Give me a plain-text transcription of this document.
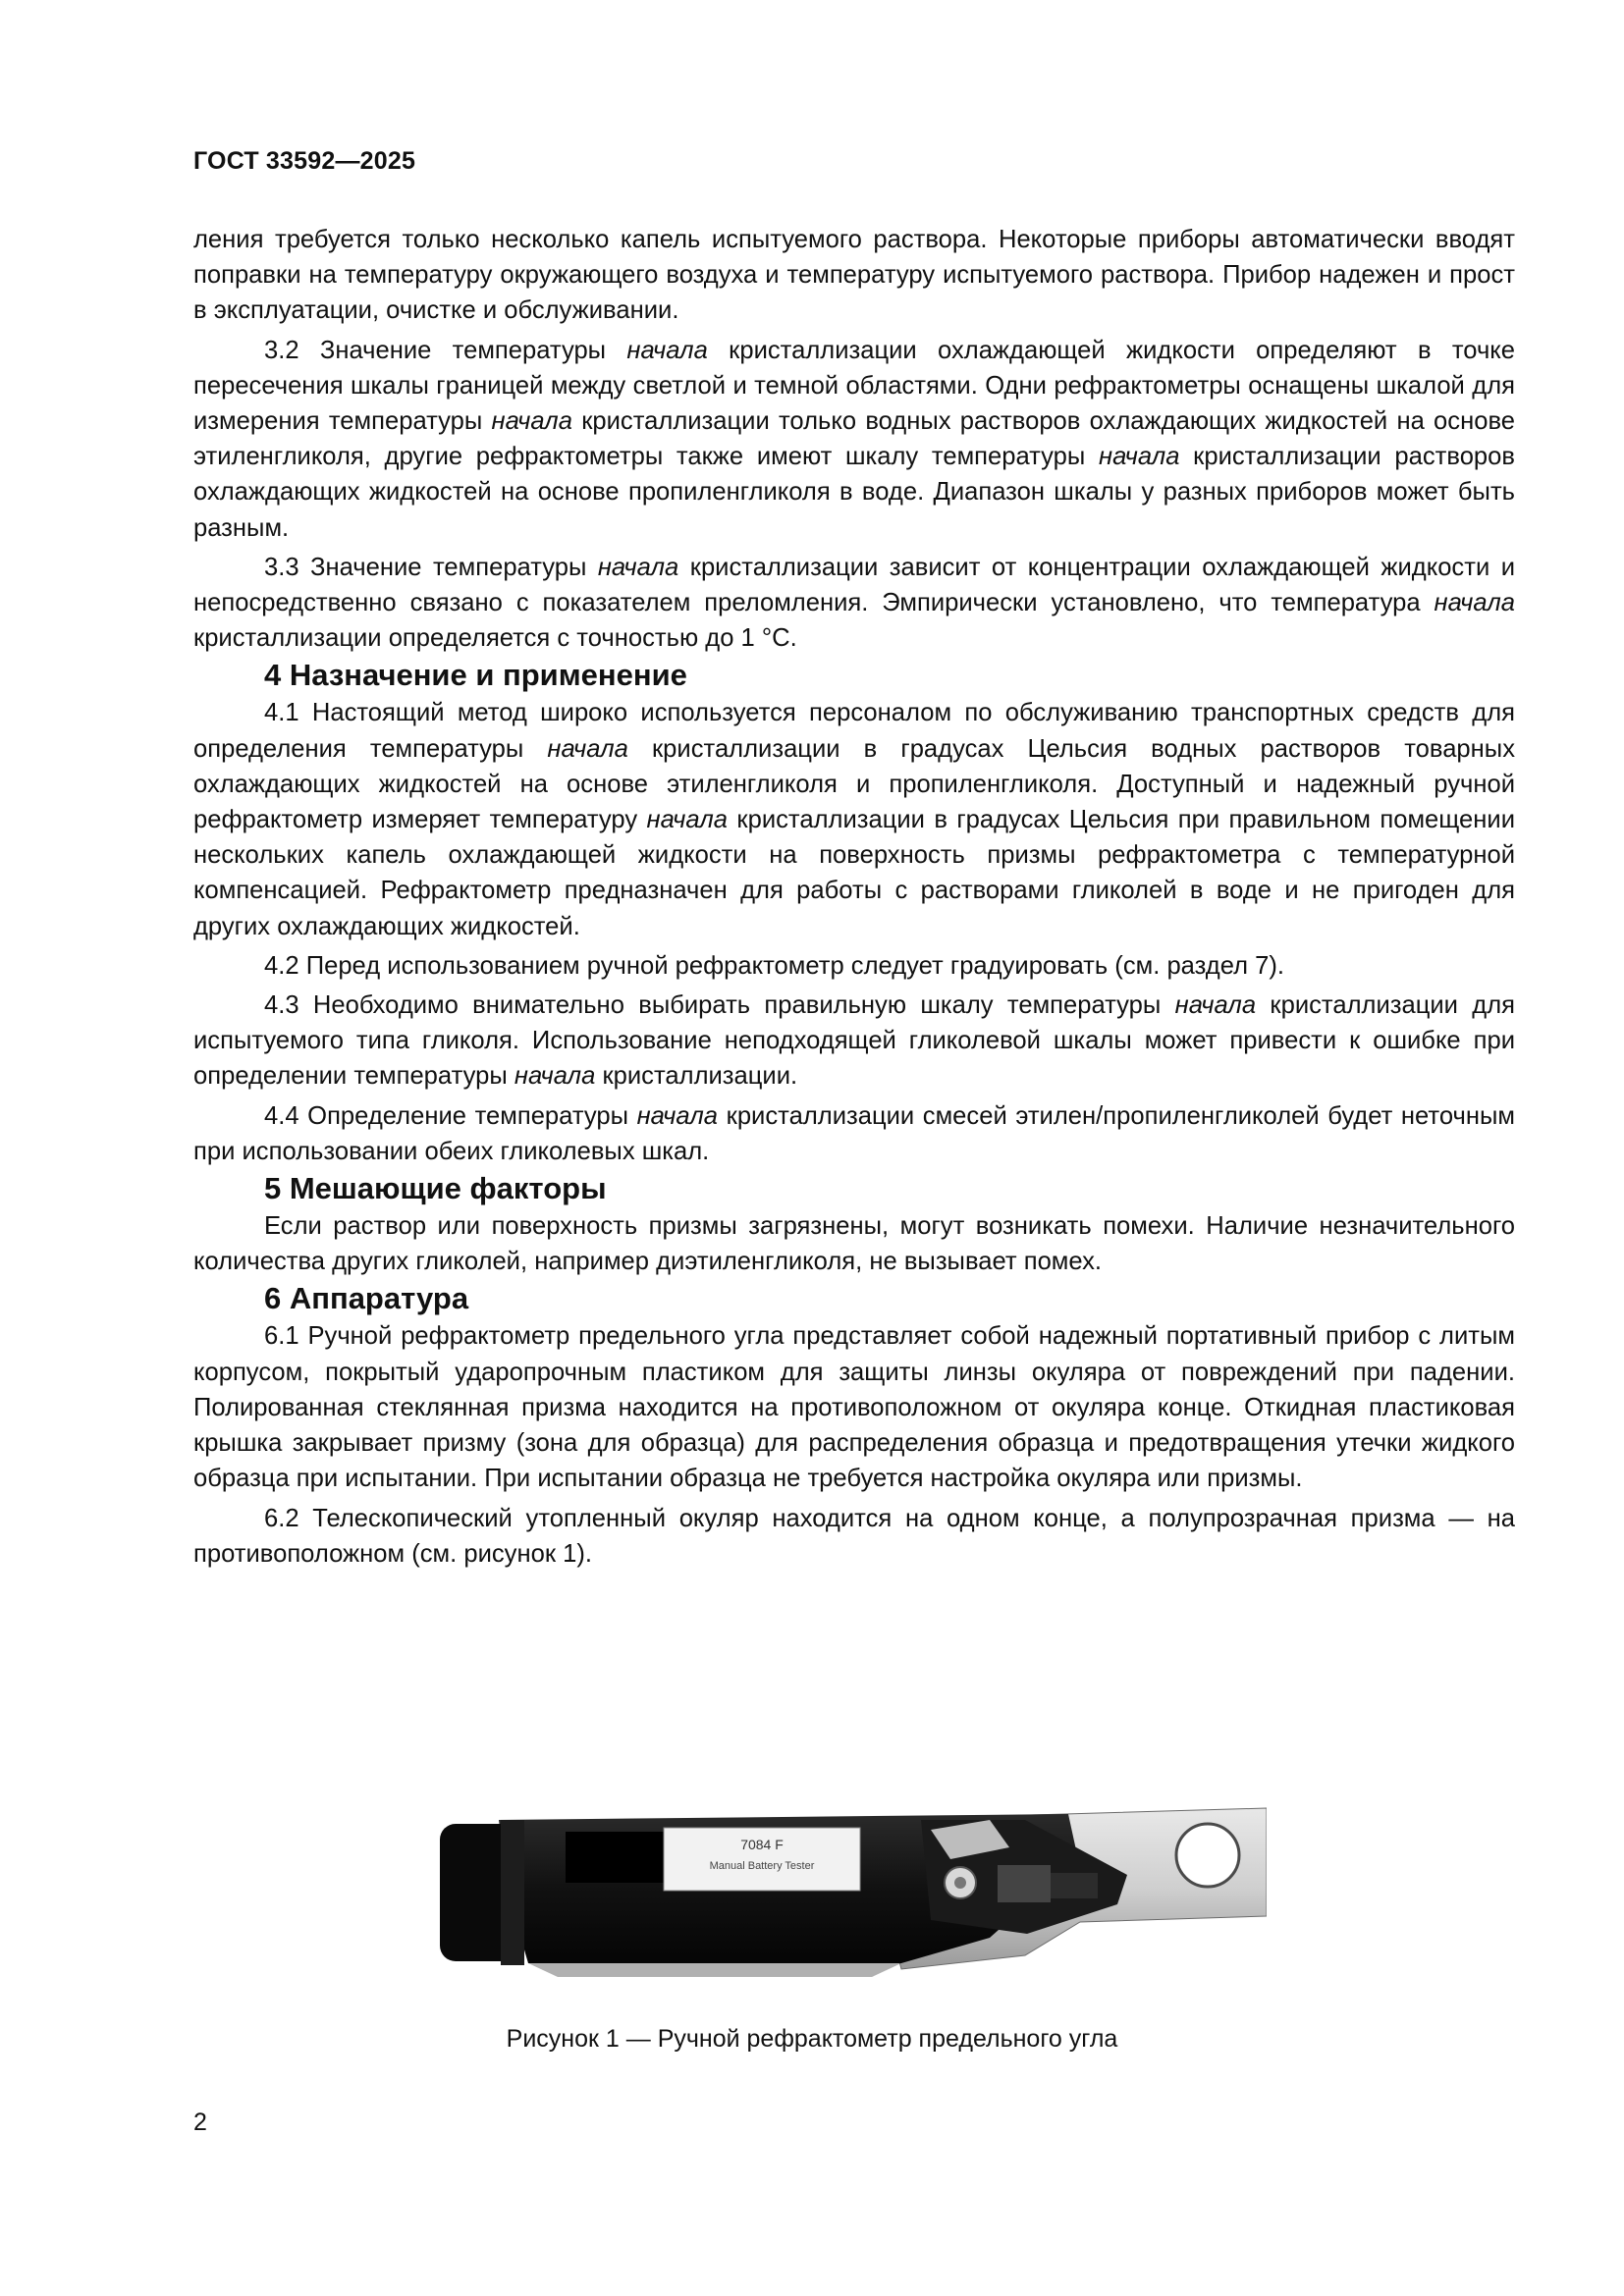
ГОСТ 33592—2025

ления требуется только несколько капель испытуемого раствора. Некоторые приборы автоматически вводят поправки на температуру окружающего воздуха и температуру испытуемого раствора. Прибор надежен и прост в эксплуатации, очистке и обслуживании.

3.2 Значение температуры начала кристаллизации охлаждающей жидкости определяют в точке пересечения шкалы границей между светлой и темной областями. Одни рефрактометры оснащены шкалой для измерения температуры начала кристаллизации только водных растворов охлаждающих жидкостей на основе этиленгликоля, другие рефрактометры также имеют шкалу температуры начала кристаллизации растворов охлаждающих жидкостей на основе пропиленгликоля в воде. Диапазон шкалы у разных приборов может быть разным.

3.3 Значение температуры начала кристаллизации зависит от концентрации охлаждающей жидкости и непосредственно связано с показателем преломления. Эмпирически установлено, что температура начала кристаллизации определяется с точностью до 1 °C.

4 Назначение и применение

4.1 Настоящий метод широко используется персоналом по обслуживанию транспортных средств для определения температуры начала кристаллизации в градусах Цельсия водных растворов товарных охлаждающих жидкостей на основе этиленгликоля и пропиленгликоля. Доступный и надежный ручной рефрактометр измеряет температуру начала кристаллизации в градусах Цельсия при правильном помещении нескольких капель охлаждающей жидкости на поверхность призмы рефрактометра с температурной компенсацией. Рефрактометр предназначен для работы с растворами гликолей в воде и не пригоден для других охлаждающих жидкостей.

4.2 Перед использованием ручной рефрактометр следует градуировать (см. раздел 7).

4.3 Необходимо внимательно выбирать правильную шкалу температуры начала кристаллизации для испытуемого типа гликоля. Использование неподходящей гликолевой шкалы может привести к ошибке при определении температуры начала кристаллизации.

4.4 Определение температуры начала кристаллизации смесей этилен/пропиленгликолей будет неточным при использовании обеих гликолевых шкал.

5 Мешающие факторы

Если раствор или поверхность призмы загрязнены, могут возникать помехи. Наличие незначительного количества других гликолей, например диэтиленгликоля, не вызывает помех.

6 Аппаратура

6.1 Ручной рефрактометр предельного угла представляет собой надежный портативный прибор с литым корпусом, покрытый ударопрочным пластиком для защиты линзы окуляра от повреждений при падении. Полированная стеклянная призма находится на противоположном от окуляра конце. Откидная пластиковая крышка закрывает призму (зона для образца) для распределения образца и предотвращения утечки жидкого образца при испытании. При испытании образца не требуется настройка окуляра или призмы.

6.2 Телескопический утопленный окуляр находится на одном конце, а полупрозрачная призма — на противоположном (см. рисунок 1).

7084 F
Manual Battery Tester
Рисунок 1 — Ручной рефрактометр предельного угла
2
